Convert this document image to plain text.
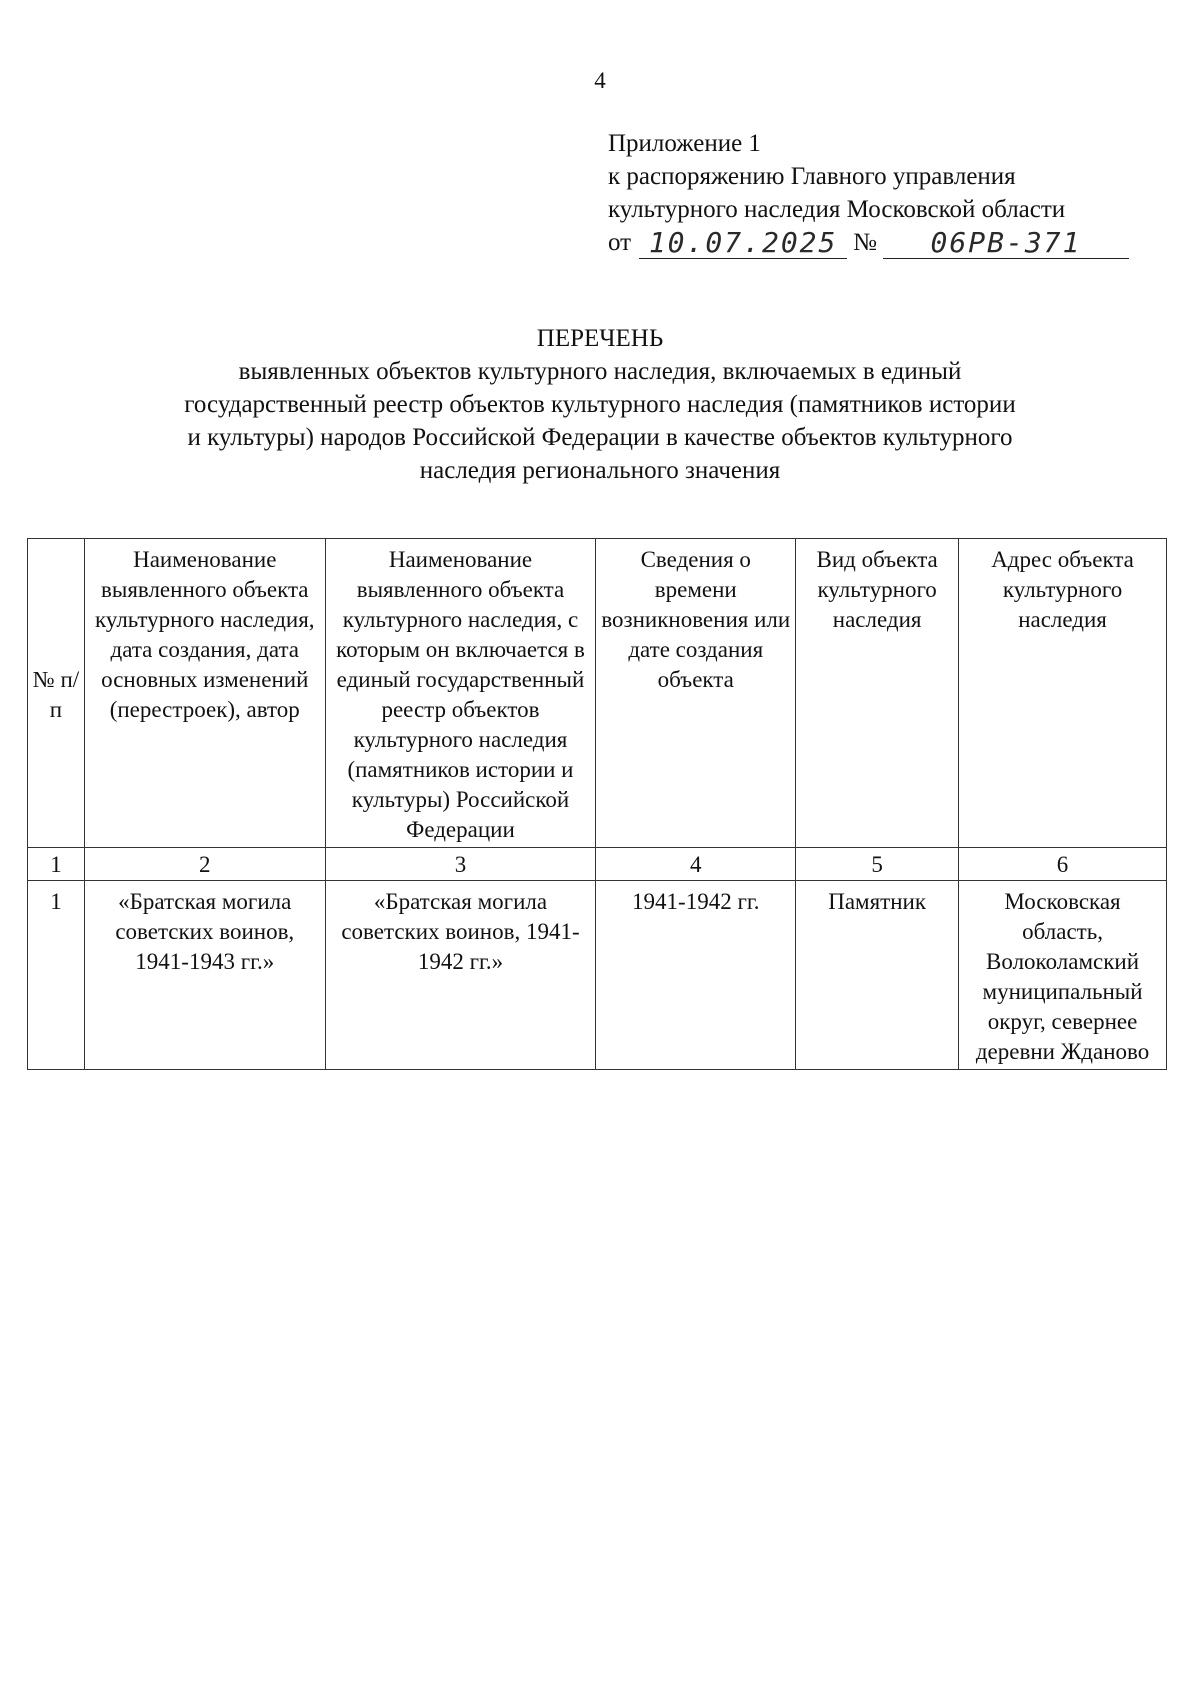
4
Приложение 1
к распоряжению Главного управления
культурного наследия Московской области
от 10.07.2025 № 06РВ-371
ПЕРЕЧЕНЬ
выявленных объектов культурного наследия, включаемых в единый
государственный реестр объектов культурного наследия (памятников истории
и культуры) народов Российской Федерации в качестве объектов культурного
наследия регионального значения
№ п/п	Наименование выявленного объекта культурного наследия, дата создания, дата основных изменений (перестроек), автор	Наименование выявленного объекта культурного наследия, с которым он включается в единый государственный реестр объектов культурного наследия (памятников истории и культуры) Российской Федерации	Сведения о времени возникновения или дате создания объекта	Вид объекта культурного наследия	Адрес объекта культурного наследия

1	2	3	4	5	6
1	«Братская могила советских воинов, 1941-1943 гг.»	«Братская могила советских воинов, 1941-1942 гг.»	1941-1942 гг.	Памятник	Московская область, Волоколамский муниципальный округ, севернее деревни Жданово
